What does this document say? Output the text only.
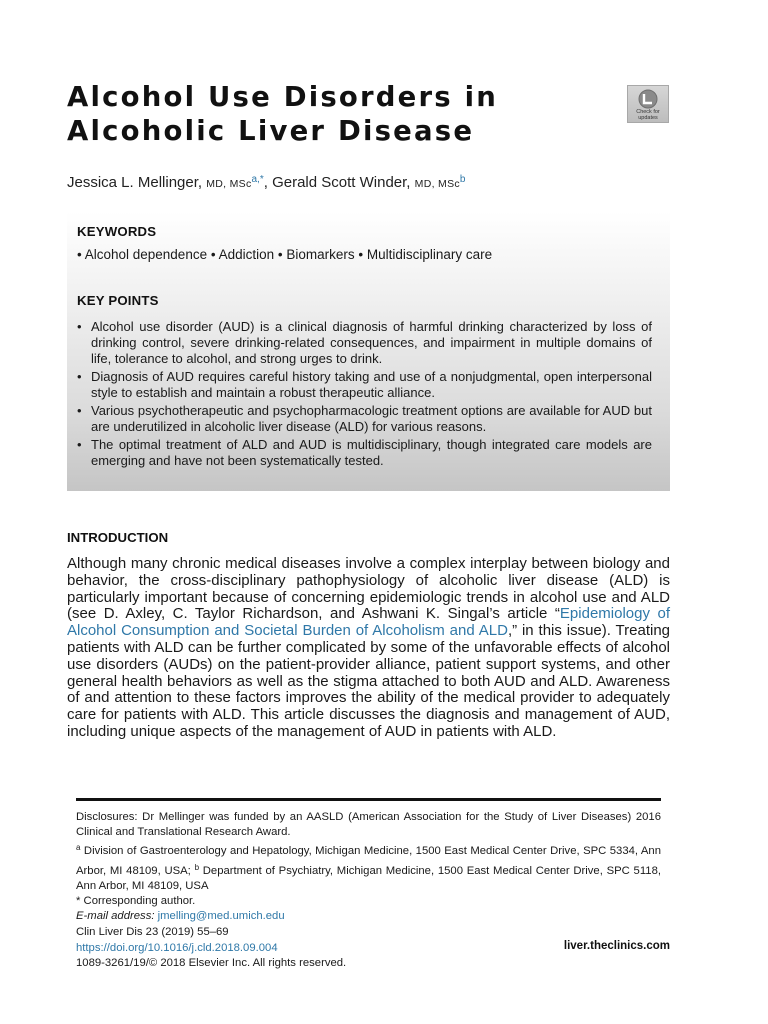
Alcohol Use Disorders in
Alcoholic Liver Disease
Check for
updates
Jessica L. Mellinger, MD, MSc$^{a,*}$, Gerald Scott Winder, MD, MSc$^b$
KEYWORDS
• Alcohol dependence • Addiction • Biomarkers • Multidisciplinary care
KEY POINTS
• Alcohol use disorder (AUD) is a clinical diagnosis of harmful drinking characterized by loss of drinking control, severe drinking-related consequences, and impairment in multiple domains of life, tolerance to alcohol, and strong urges to drink.
• Diagnosis of AUD requires careful history taking and use of a nonjudgmental, open interpersonal style to establish and maintain a robust therapeutic alliance.
• Various psychotherapeutic and psychopharmacologic treatment options are available for AUD but are underutilized in alcoholic liver disease (ALD) for various reasons.
• The optimal treatment of ALD and AUD is multidisciplinary, though integrated care models are emerging and have not been systematically tested.
INTRODUCTION

Although many chronic medical diseases involve a complex interplay between biology and behavior, the cross-disciplinary pathophysiology of alcoholic liver disease (ALD) is particularly important because of concerning epidemiologic trends in alcohol use and ALD (see D. Axley, C. Taylor Richardson, and Ashwani K. Singal’s article “Epidemiology of Alcohol Consumption and Societal Burden of Alcoholism and ALD,” in this issue). Treating patients with ALD can be further complicated by some of the unfavorable effects of alcohol use disorders (AUDs) on the patient-provider alliance, patient support systems, and other general health behaviors as well as the stigma attached to both AUD and ALD. Awareness of and attention to these factors improves the ability of the medical provider to adequately care for patients with ALD. This article discusses the diagnosis and management of AUD, including unique aspects of the management of AUD in patients with ALD.

Disclosures: Dr Mellinger was funded by an AASLD (American Association for the Study of Liver Diseases) 2016 Clinical and Translational Research Award.

$^a$ Division of Gastroenterology and Hepatology, Michigan Medicine, 1500 East Medical Center Drive, SPC 5334, Ann Arbor, MI 48109, USA; $^b$ Department of Psychiatry, Michigan Medicine, 1500 East Medical Center Drive, SPC 5118, Ann Arbor, MI 48109, USA

* Corresponding author.

E-mail address: jmelling@med.umich.edu

Clin Liver Dis 23 (2019) 55–69
https://doi.org/10.1016/j.cld.2018.09.004
1089-3261/19/© 2018 Elsevier Inc. All rights reserved.
liver.theclinics.com
